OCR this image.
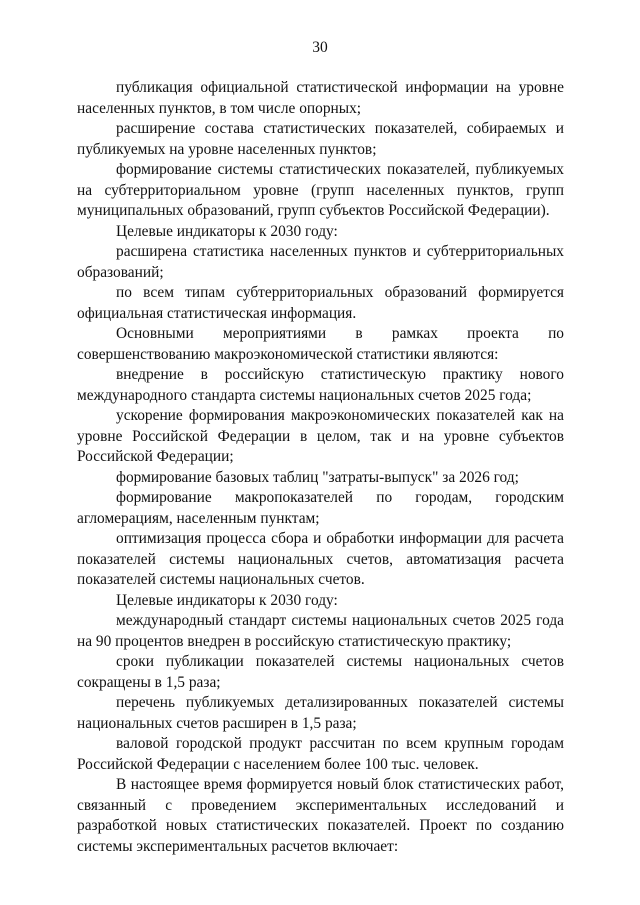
30

публикация официальной статистической информации на уровне населенных пунктов, в том числе опорных;

расширение состава статистических показателей, собираемых и публикуемых на уровне населенных пунктов;

формирование системы статистических показателей, публикуемых на субтерриториальном уровне (групп населенных пунктов, групп муниципальных образований, групп субъектов Российской Федерации).

Целевые индикаторы к 2030 году:

расширена статистика населенных пунктов и субтерриториальных образований;

по всем типам субтерриториальных образований формируется официальная статистическая информация.

Основными мероприятиями в рамках проекта по совершенствованию макроэкономической статистики являются:

внедрение в российскую статистическую практику нового международного стандарта системы национальных счетов 2025 года;

ускорение формирования макроэкономических показателей как на уровне Российской Федерации в целом, так и на уровне субъектов Российской Федерации;

формирование базовых таблиц "затраты-выпуск" за 2026 год;

формирование макропоказателей по городам, городским агломерациям, населенным пунктам;

оптимизация процесса сбора и обработки информации для расчета показателей системы национальных счетов, автоматизация расчета показателей системы национальных счетов.

Целевые индикаторы к 2030 году:

международный стандарт системы национальных счетов 2025 года на 90 процентов внедрен в российскую статистическую практику;

сроки публикации показателей системы национальных счетов сокращены в 1,5 раза;

перечень публикуемых детализированных показателей системы национальных счетов расширен в 1,5 раза;

валовой городской продукт рассчитан по всем крупным городам Российской Федерации с населением более 100 тыс. человек.

В настоящее время формируется новый блок статистических работ, связанный с проведением экспериментальных исследований и разработкой новых статистических показателей. Проект по созданию системы экспериментальных расчетов включает:
